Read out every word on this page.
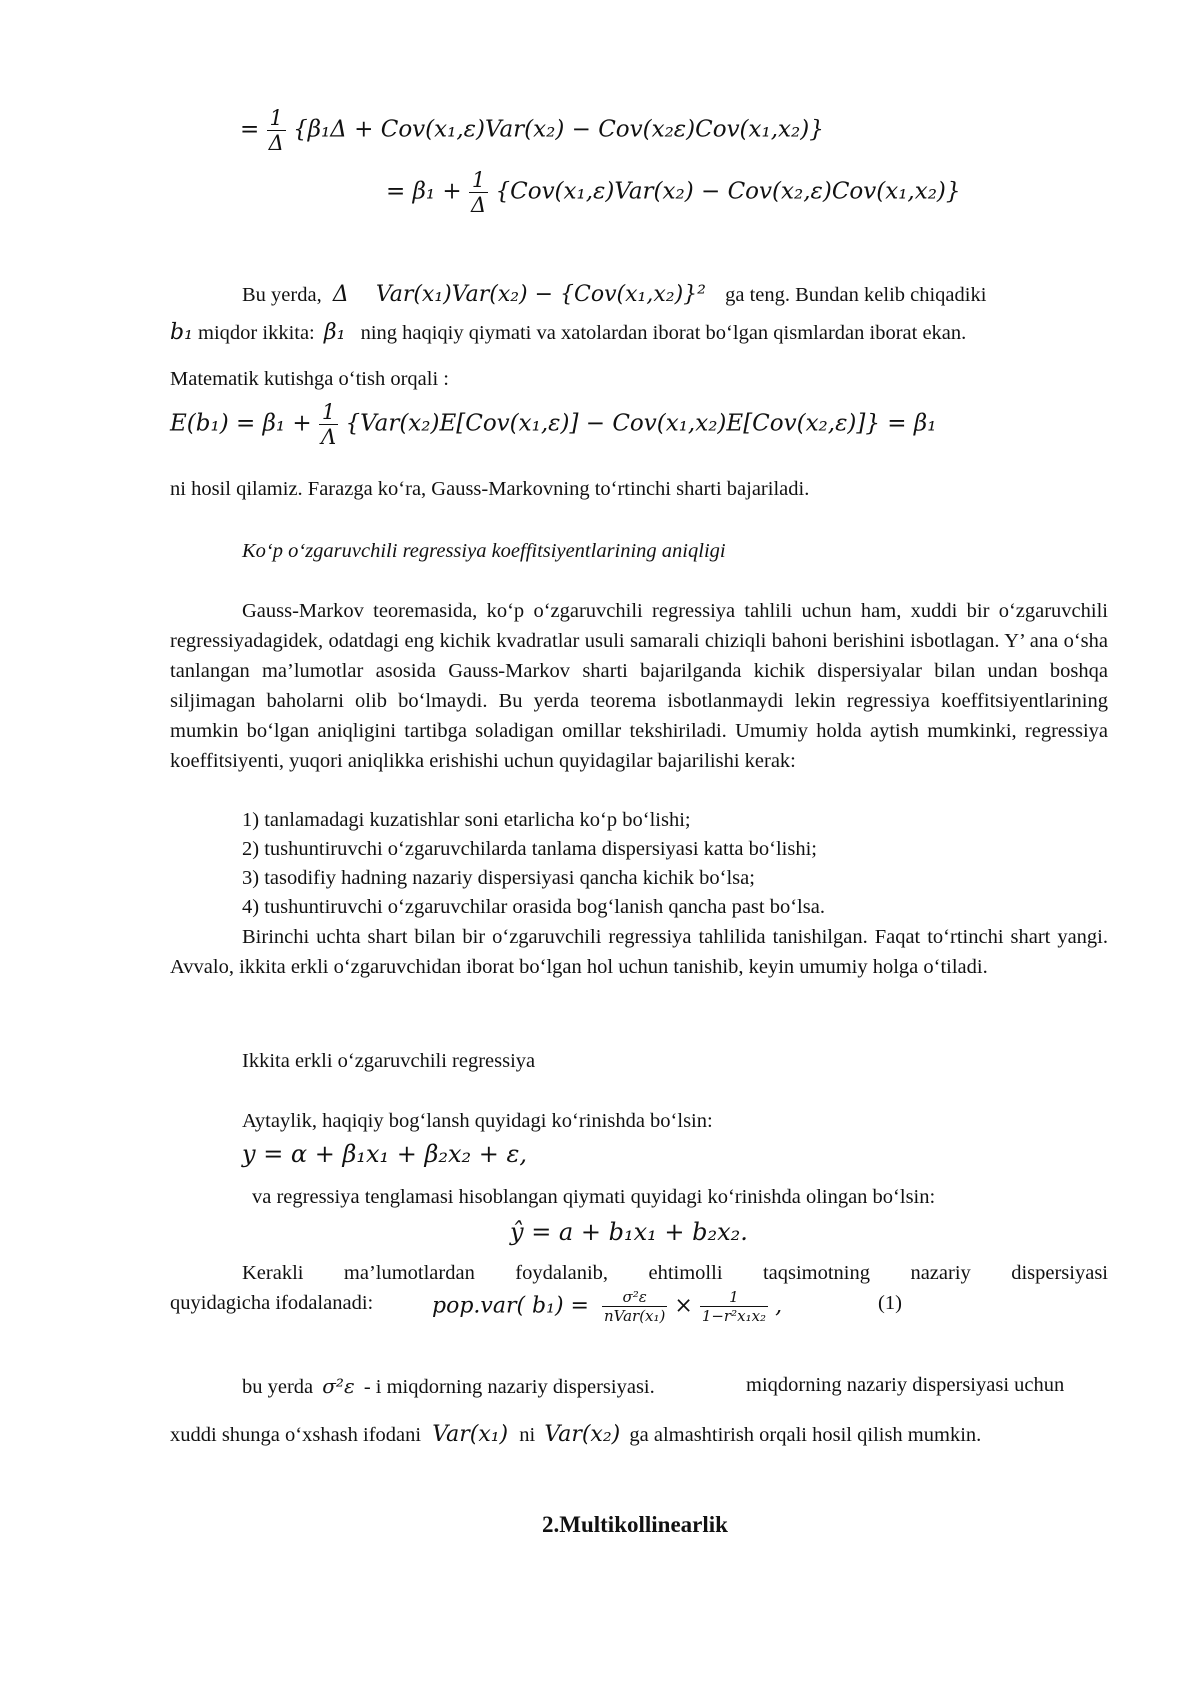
= $\frac{1}{\Delta} \{\beta_1\Delta + Cov(x_1,\varepsilon)Var(x_2) - Cov(x_2\varepsilon)Cov(x_1,x_2)\}$
= $\beta_1 + \frac{1}{\Delta} \{Cov(x_1,\varepsilon)Var(x_2) - Cov(x_2,\varepsilon)Cov(x_1,x_2)\}$
Bu yerda, Δ Var(x₁)Var(x₂) − {Cov(x₁,x₂)}² ga teng. Bundan kelib chiqadiki
b₁ miqdor ikkita: β₁ ning haqiqiy qiymati va xatolardan iborat bo‘lgan qismlardan iborat ekan.
Matematik kutishga o‘tish orqali :
$E(b_1) = \beta_1 + \frac{1}{\Lambda} \{Var(x_2)E[Cov(x_1,\varepsilon)] - Cov(x_1,x_2)E[Cov(x_2,\varepsilon)]\} = \beta_1$
ni hosil qilamiz. Farazga ko‘ra, Gauss-Markovning to‘rtinchi sharti bajariladi.
Ko‘p o‘zgaruvchili regressiya koeffitsiyentlarining aniqligi
Gauss-Markov teoremasida, ko‘p o‘zgaruvchili regressiya tahlili uchun ham, xuddi bir o‘zgaruvchili regressiyadagidek, odatdagi eng kichik kvadratlar usuli samarali chiziqli bahoni berishini isbotlagan. Y’ ana o‘sha tanlangan ma’lumotlar asosida Gauss-Markov sharti bajarilganda kichik dispersiyalar bilan undan boshqa siljimagan baholarni olib bo‘lmaydi. Bu yerda teorema isbotlanmaydi lekin regressiya koeffitsiyentlarining mumkin bo‘lgan aniqligini tartibga soladigan omillar tekshiriladi. Umumiy holda aytish mumkinki, regressiya koeffitsiyenti, yuqori aniqlikka erishishi uchun quyidagilar bajarilishi kerak:
1) tanlamadagi kuzatishlar soni etarlicha ko‘p bo‘lishi;
2) tushuntiruvchi o‘zgaruvchilarda tanlama dispersiyasi katta bo‘lishi;
3) tasodifiy hadning nazariy dispersiyasi qancha kichik bo‘lsa;
4) tushuntiruvchi o‘zgaruvchilar orasida bog‘lanish qancha past bo‘lsa.
Birinchi uchta shart bilan bir o‘zgaruvchili regressiya tahlilida tanishilgan. Faqat to‘rtinchi shart yangi. Avvalo, ikkita erkli o‘zgaruvchidan iborat bo‘lgan hol uchun tanishib, keyin umumiy holga o‘tiladi.
Ikkita erkli o‘zgaruvchili regressiya
Aytaylik, haqiqiy bog‘lansh quyidagi ko‘rinishda bo‘lsin:
y = α + β₁x₁ + β₂x₂ + ε,
va regressiya tenglamasi hisoblangan qiymati quyidagi ko‘rinishda olingan bo‘lsin:
ŷ = a + b₁x₁ + b₂x₂.
Kerakli ma’lumotlardan foydalanib, ehtimolli taqsimotning nazariy dispersiyasi
quyidagicha ifodalanadi:	pop.var( $b_1) = \frac{\text{σ²ε}}{\text{nVar(x₁)}} \times \frac{1}{\text{1−r²x₁x₂}}$ ,	(1)
bu yerda σ²ε - i miqdorning nazariy dispersiyasi.	miqdorning nazariy dispersiyasi uchun
xuddi shunga o‘xshash ifodani Var(x₁) ni Var(x₂) ga almashtirish orqali hosil qilish mumkin.
2.Multikollinearlik
